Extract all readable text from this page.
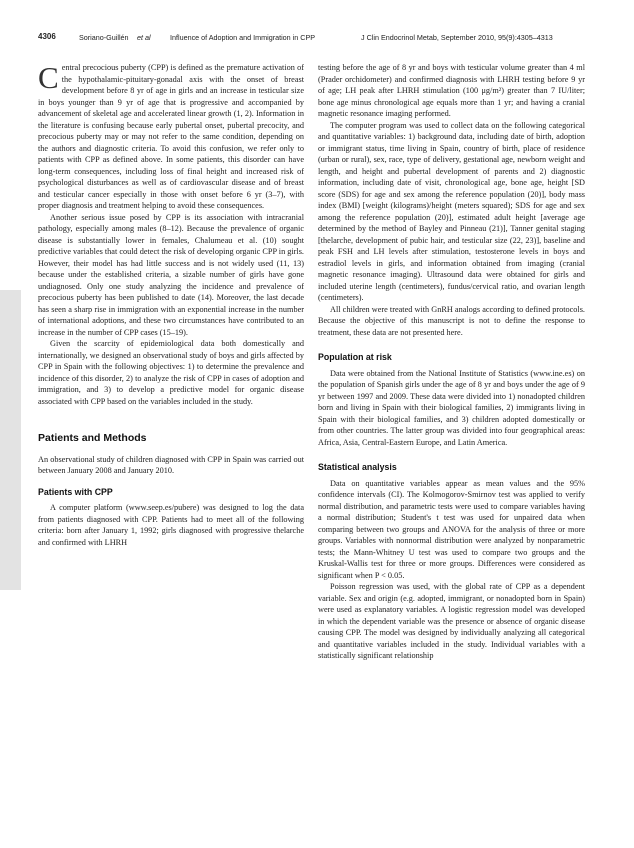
4306	Soriano-Guillén et al	Influence of Adoption and Immigration in CPP	J Clin Endocrinol Metab, September 2010, 95(9):4305–4313

Central precocious puberty (CPP) is defined as the premature activation of the hypothalamic-pituitary-gonadal axis with the onset of breast development before 8 yr of age in girls and an increase in testicular size in boys younger than 9 yr of age that is progressive and accompanied by advancement of skeletal age and accelerated linear growth (1, 2). Information in the literature is confusing because early pubertal onset, pubertal precocity, and precocious puberty may or may not refer to the same condition, depending on the authors and diagnostic criteria. To avoid this confusion, we refer only to patients with CPP as defined above. In some patients, this disorder can have long-term consequences, including loss of final height and increased risk of psychological disturbances as well as of cardiovascular disease and of breast and testicular cancer especially in those with onset before 6 yr (3–7), with proper diagnosis and treatment helping to avoid these consequences.

Another serious issue posed by CPP is its association with intracranial pathology, especially among males (8–12). Because the prevalence of organic disease is substantially lower in females, Chalumeau et al. (10) sought predictive variables that could detect the risk of developing organic CPP in girls. However, their model has had little success and is not widely used (11, 13) because under the established criteria, a sizable number of girls have gone undiagnosed. Only one study analyzing the incidence and prevalence of precocious puberty has been published to date (14). Moreover, the last decade has seen a sharp rise in immigration with an exponential increase in the number of international adoptions, and these two circumstances have contributed to an increase in the number of CPP cases (15–19).

Given the scarcity of epidemiological data both domestically and internationally, we designed an observational study of boys and girls affected by CPP in Spain with the following objectives: 1) to determine the prevalence and incidence of this disorder, 2) to analyze the risk of CPP in cases of adoption and immigration, and 3) to develop a predictive model for organic disease associated with CPP based on the variables included in the study.

Patients and Methods

An observational study of children diagnosed with CPP in Spain was carried out between January 2008 and January 2010.

Patients with CPP

A computer platform (www.seep.es/pubere) was designed to log the data from patients diagnosed with CPP. Patients had to meet all of the following criteria: born after January 1, 1992; girls diagnosed with progressive thelarche and confirmed with LHRH

testing before the age of 8 yr and boys with testicular volume greater than 4 ml (Prader orchidometer) and confirmed diagnosis with LHRH testing before 9 yr of age; LH peak after LHRH stimulation (100 μg/m²) greater than 7 IU/liter; bone age minus chronological age equals more than 1 yr; and having a cranial magnetic resonance imaging performed.

The computer program was used to collect data on the following categorical and quantitative variables: 1) background data, including date of birth, adoption or immigrant status, time living in Spain, country of birth, place of residence (urban or rural), sex, race, type of delivery, gestational age, newborn weight and length, and height and pubertal development of parents and 2) diagnostic information, including date of visit, chronological age, bone age, height [SD score (SDS) for age and sex among the reference population (20)], body mass index (BMI) [weight (kilograms)/height (meters squared); SDS for age and sex among the reference population (20)], estimated adult height [average age determined by the method of Bayley and Pinneau (21)], Tanner genital staging [thelarche, development of pubic hair, and testicular size (22, 23)], baseline and peak FSH and LH levels after stimulation, testosterone levels in boys and estradiol levels in girls, and information obtained from imaging (cranial magnetic resonance imaging). Ultrasound data were obtained for girls and included uterine length (centimeters), fundus/cervical ratio, and ovarian length (centimeters).

All children were treated with GnRH analogs according to defined protocols. Because the objective of this manuscript is not to define the response to treatment, these data are not presented here.

Population at risk

Data were obtained from the National Institute of Statistics (www.ine.es) on the population of Spanish girls under the age of 8 yr and boys under the age of 9 yr between 1997 and 2009. These data were divided into 1) nonadopted children born and living in Spain with their biological families, 2) immigrants living in Spain with their biological families, and 3) children adopted domestically or from other countries. The latter group was divided into four geographical areas: Africa, Asia, Central-Eastern Europe, and Latin America.

Statistical analysis

Data on quantitative variables appear as mean values and the 95% confidence intervals (CI). The Kolmogorov-Smirnov test was applied to verify normal distribution, and parametric tests were used to compare variables having a normal distribution; Student's t test was used for unpaired data when comparing between two groups and ANOVA for the analysis of three or more groups. Variables with nonnormal distribution were analyzed by nonparametric tests; the Mann-Whitney U test was used to compare two groups and the Kruskal-Wallis test for three or more groups. Differences were considered as significant when P < 0.05.

Poisson regression was used, with the global rate of CPP as a dependent variable. Sex and origin (e.g. adopted, immigrant, or nonadopted born in Spain) were used as explanatory variables. A logistic regression model was developed in which the dependent variable was the presence or absence of organic disease causing CPP. The model was designed by individually analyzing all categorical and quantitative variables included in the study. Individual variables with a statistically significant relationship
